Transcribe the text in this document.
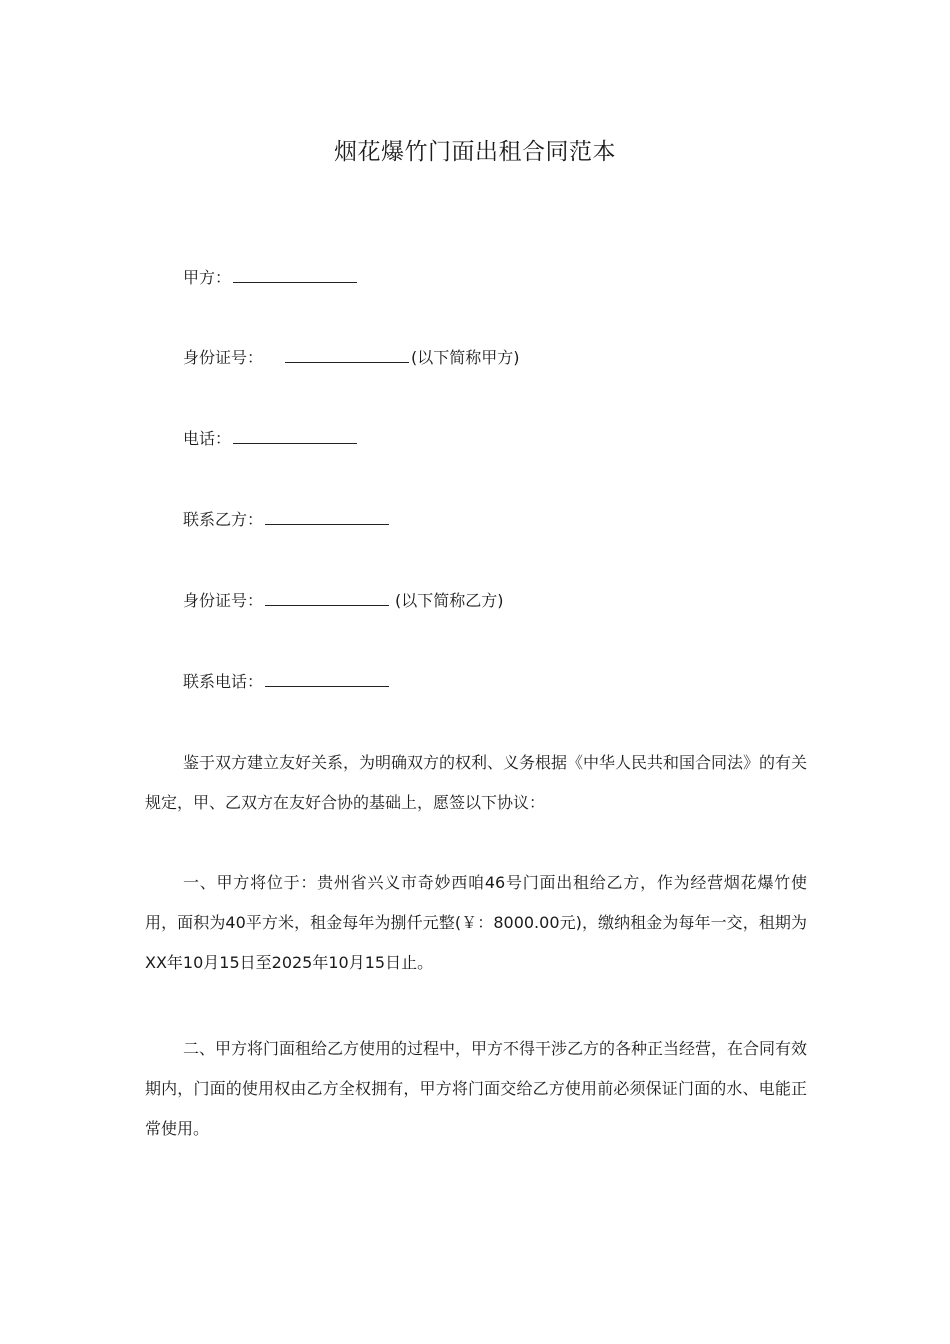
烟花爆竹门面出租合同范本
甲方：
身份证号：	(以下简称甲方)
电话：
联系乙方：
身份证号：	(以下简称乙方)
联系电话：

鉴于双方建立友好关系，为明确双方的权利、义务根据《中华人民共和国合同法》的有关规定，甲、乙双方在友好合协的基础上，愿签以下协议：

一、甲方将位于：贵州省兴义市奇妙西咱46号门面出租给乙方，作为经营烟花爆竹使用，面积为40平方米，租金每年为捌仟元整(￥：8000.00元)，缴纳租金为每年一交，租期为XX年10月15日至2025年10月15日止。

二、甲方将门面租给乙方使用的过程中，甲方不得干涉乙方的各种正当经营，在合同有效期内，门面的使用权由乙方全权拥有，甲方将门面交给乙方使用前必须保证门面的水、电能正常使用。
